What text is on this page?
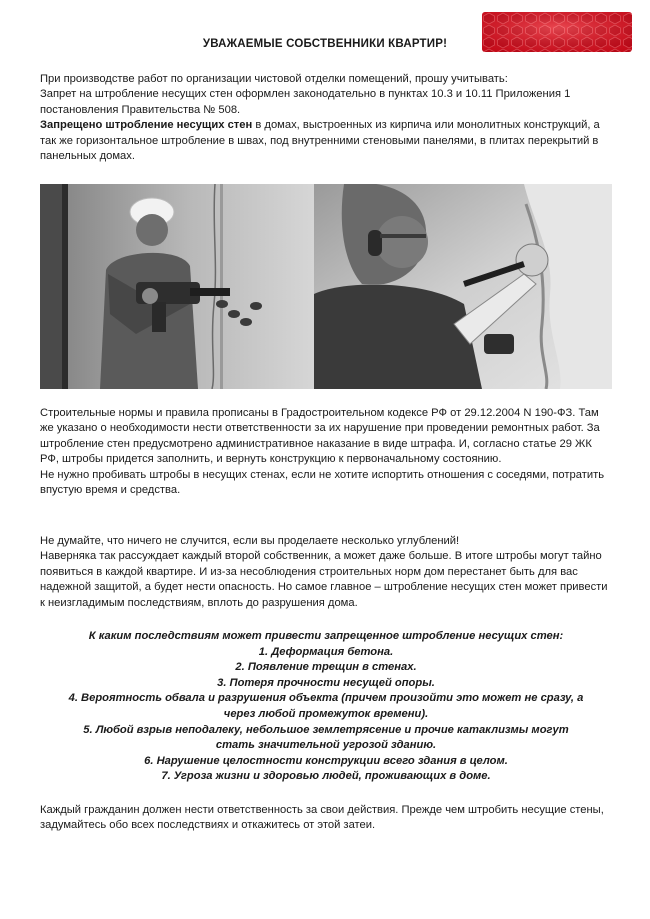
УВАЖАЕМЫЕ СОБСТВЕННИКИ КВАРТИР!

При производстве работ по организации чистовой отделки помещений, прошу учитывать:

Запрет на штробление несущих стен оформлен законодательно в пунктах 10.3 и 10.11 Приложения 1 постановления Правительства № 508.

Запрещено штробление несущих стен в домах, выстроенных из кирпича или монолитных конструкций, а так же горизонтальное штробление в швах, под внутренними стеновыми панелями, в плитах перекрытий в панельных домах.

Строительные нормы и правила прописаны в Градостроительном кодексе РФ от 29.12.2004 N 190-ФЗ. Там же указано о необходимости нести ответственности за их нарушение при проведении ремонтных работ. За штробление стен предусмотрено административное наказание в виде штрафа. И, согласно статье 29 ЖК РФ, штробы придется заполнить, и вернуть конструкцию к первоначальному состоянию.

Не нужно пробивать штробы в несущих стенах, если не хотите испортить отношения с соседями, потратить впустую время и средства.

Не думайте, что ничего не случится, если вы проделаете несколько углублений!

Наверняка так рассуждает каждый второй собственник, а может даже больше. В итоге штробы могут тайно появиться в каждой квартире. И из-за несоблюдения строительных норм дом перестанет быть для вас надежной защитой, а будет нести опасность. Но самое главное – штробление несущих стен может привести к неизгладимым последствиям, вплоть до разрушения дома.

К каким последствиям может привести запрещенное штробление несущих стен:

1. Деформация бетона.

2. Появление трещин в стенах.

3. Потеря прочности несущей опоры.

4. Вероятность обвала и разрушения объекта (причем произойти это может не сразу, а через любой промежуток времени).

5. Любой взрыв неподалеку, небольшое землетрясение и прочие катаклизмы могут стать значительной угрозой зданию.

6. Нарушение целостности конструкции всего здания в целом.

7. Угроза жизни и здоровью людей, проживающих в доме.

Каждый гражданин должен нести ответственность за свои действия. Прежде чем штробить несущие стены, задумайтесь обо всех последствиях и откажитесь от этой затеи.
